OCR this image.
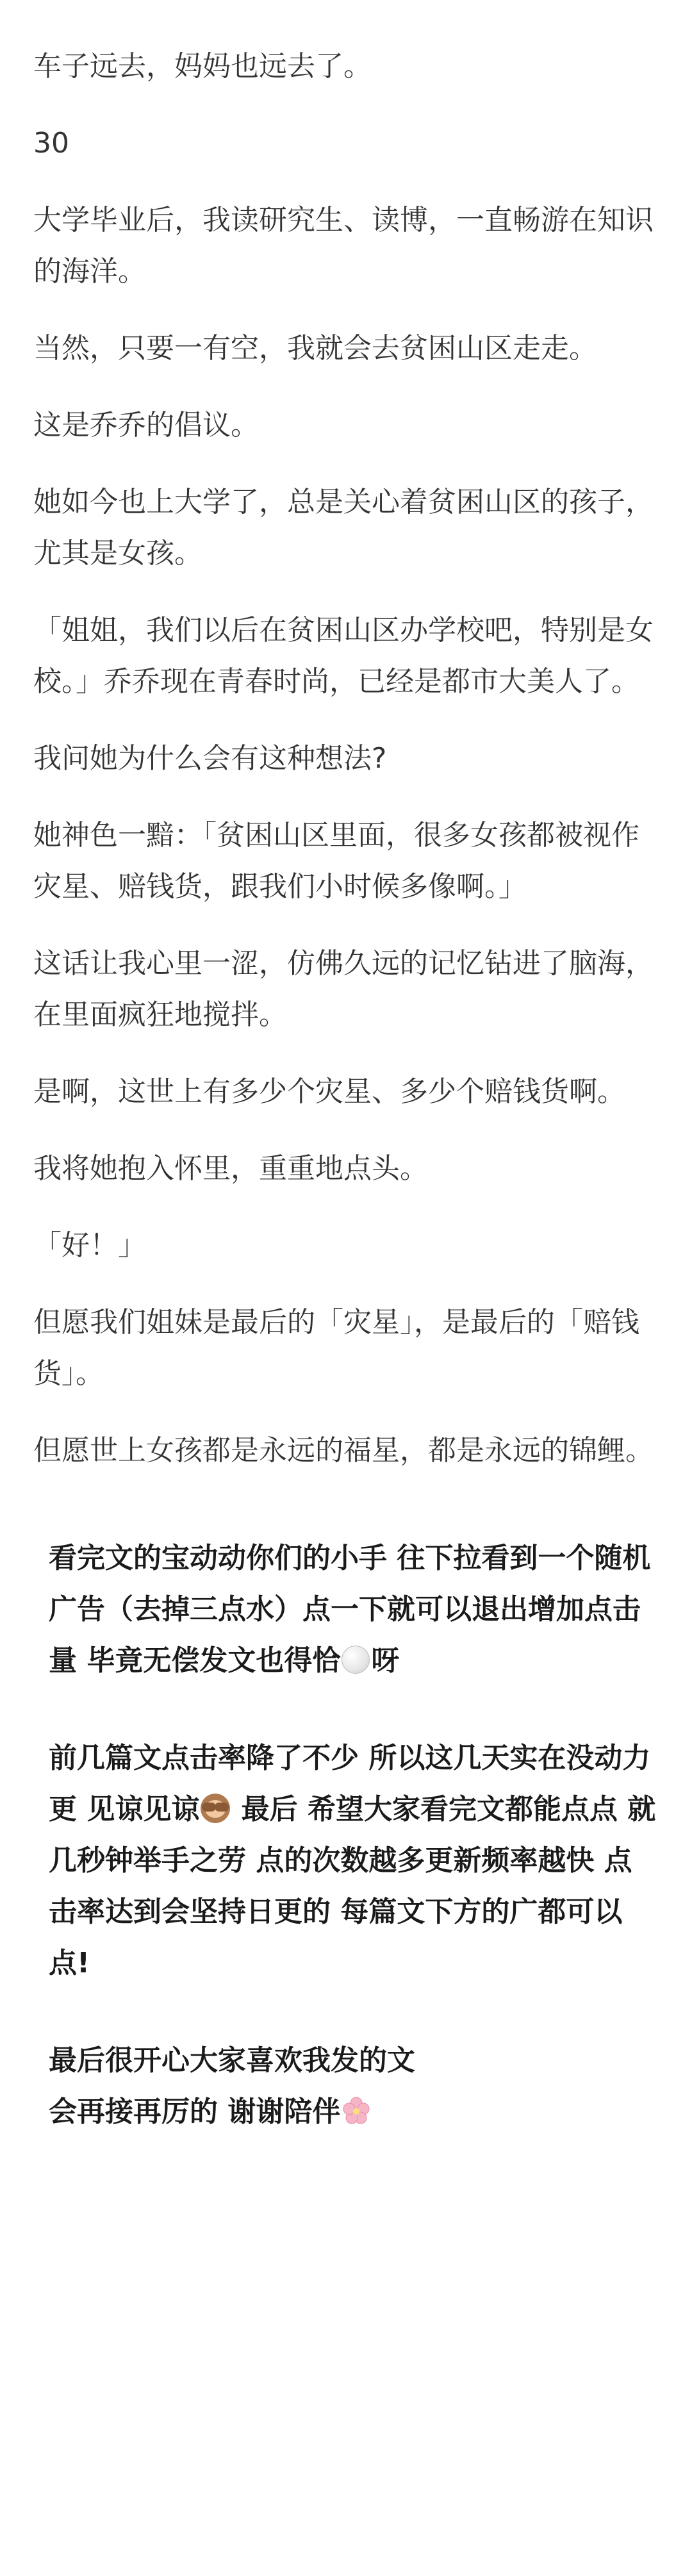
车子远去，妈妈也远去了。

30

大学毕业后，我读研究生、读博，一直畅游在知识的海洋。

当然，只要一有空，我就会去贫困山区走走。

这是乔乔的倡议。

她如今也上大学了，总是关心着贫困山区的孩子，尤其是女孩。

「姐姐，我们以后在贫困山区办学校吧，特别是女校。」乔乔现在青春时尚，已经是都市大美人了。

我问她为什么会有这种想法?

她神色一黯：「贫困山区里面，很多女孩都被视作灾星、赔钱货，跟我们小时候多像啊。」

这话让我心里一涩，仿佛久远的记忆钻进了脑海，在里面疯狂地搅拌。

是啊，这世上有多少个灾星、多少个赔钱货啊。

我将她抱入怀里，重重地点头。

「好！」

但愿我们姐妹是最后的「灾星」，是最后的「赔钱货」。

但愿世上女孩都是永远的福星，都是永远的锦鲤。

看完文的宝动动你们的小手 往下拉看到一个随机广告（去掉三点水）点一下就可以退出增加点击量 毕竟无偿发文也得恰 呀

前几篇文点击率降了不少 所以这几天实在没动力更 见谅见谅
最后 希望大家看完文都能点点 就几秒钟举手之劳 点的次数越多更新频率越快 点击率达到会坚持日更的 每篇文下方的广都可以点!

最后很开心大家喜欢我发的文
会再接再厉的 谢谢陪伴
